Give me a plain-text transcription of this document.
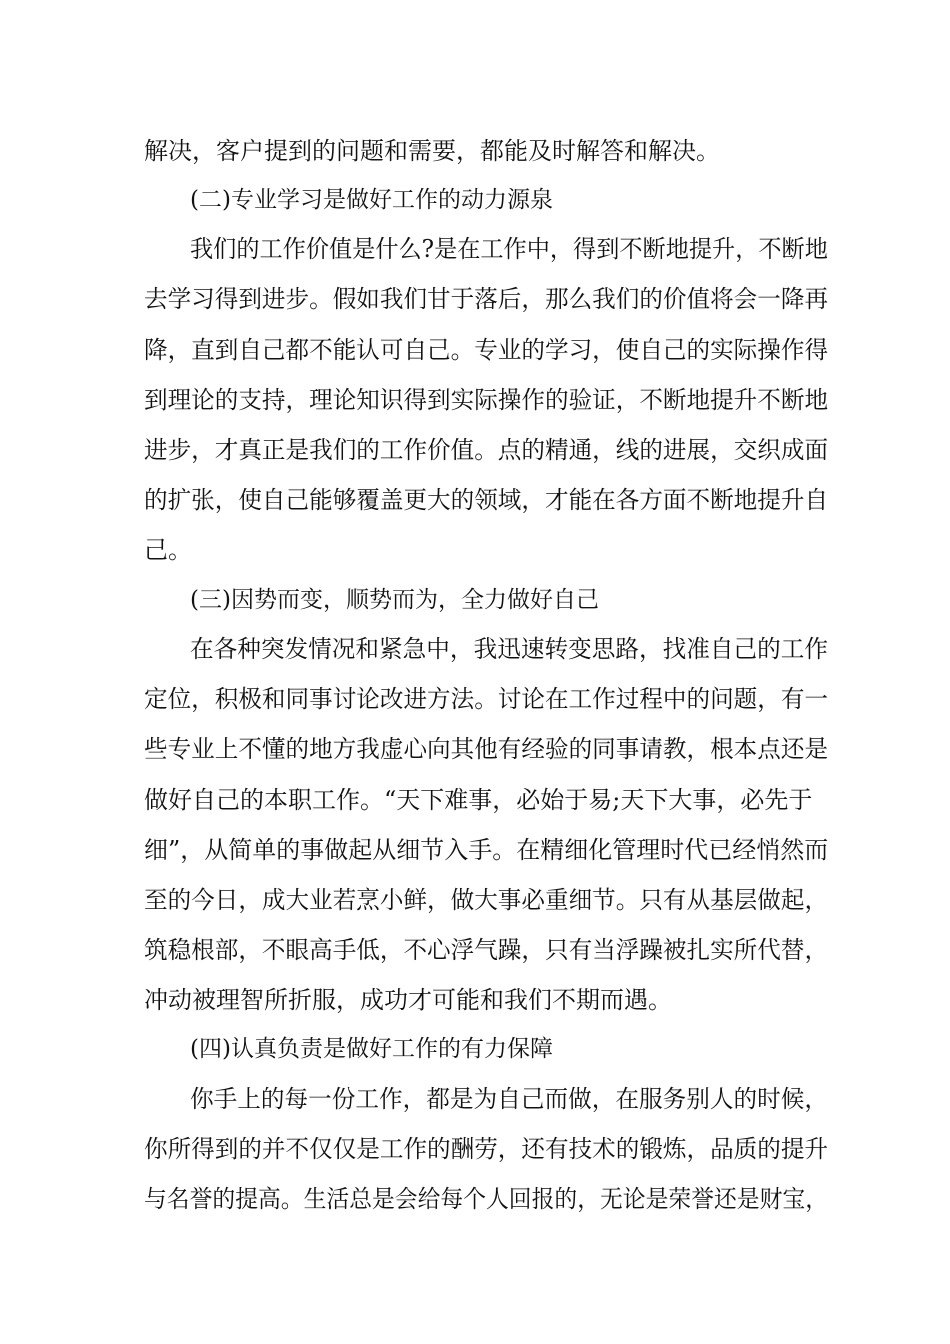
解决，客户提到的问题和需要，都能及时解答和解决。
(二)专业学习是做好工作的动力源泉
我们的工作价值是什么?是在工作中，得到不断地提升，不断地
去学习得到进步。假如我们甘于落后，那么我们的价值将会一降再
降，直到自己都不能认可自己。专业的学习，使自己的实际操作得
到理论的支持，理论知识得到实际操作的验证，不断地提升不断地
进步，才真正是我们的工作价值。点的精通，线的进展，交织成面
的扩张，使自己能够覆盖更大的领域，才能在各方面不断地提升自
己。
(三)因势而变，顺势而为，全力做好自己
在各种突发情况和紧急中，我迅速转变思路，找准自己的工作
定位，积极和同事讨论改进方法。讨论在工作过程中的问题，有一
些专业上不懂的地方我虚心向其他有经验的同事请教，根本点还是
做好自己的本职工作。“天下难事，必始于易;天下大事，必先于
细”，从简单的事做起从细节入手。在精细化管理时代已经悄然而
至的今日，成大业若烹小鲜，做大事必重细节。只有从基层做起，
筑稳根部，不眼高手低，不心浮气躁，只有当浮躁被扎实所代替，
冲动被理智所折服，成功才可能和我们不期而遇。
(四)认真负责是做好工作的有力保障
你手上的每一份工作，都是为自己而做，在服务别人的时候，
你所得到的并不仅仅是工作的酬劳，还有技术的锻炼，品质的提升
与名誉的提高。生活总是会给每个人回报的，无论是荣誉还是财宝，
